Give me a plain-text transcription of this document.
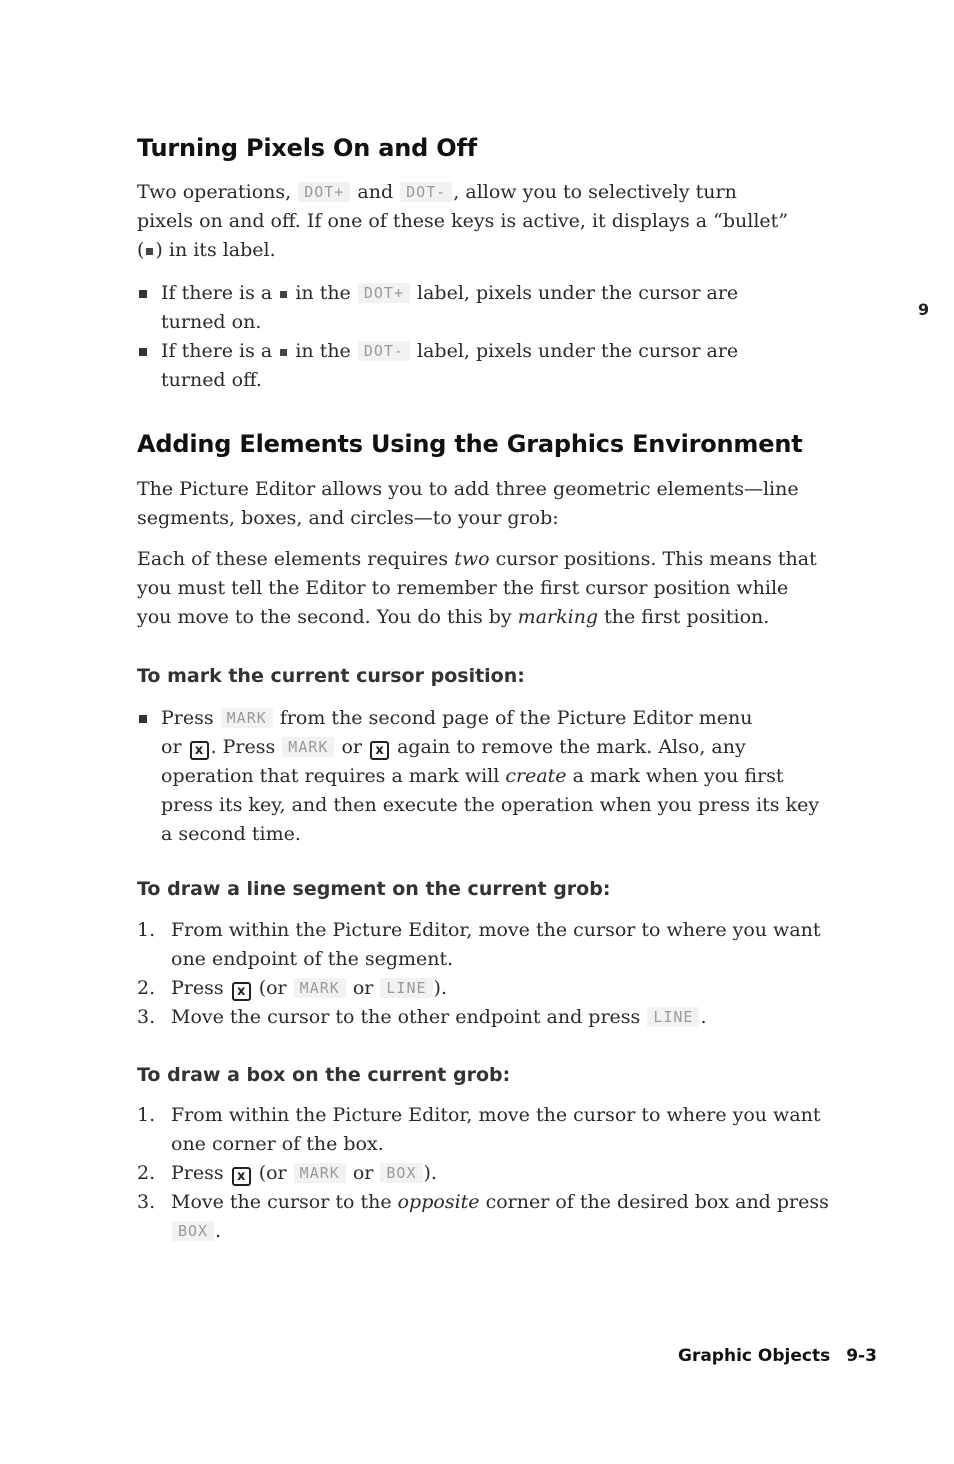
Turning Pixels On and Off
Two operations, DOT+ and DOT- , allow you to selectively turn
pixels on and off. If one of these keys is active, it displays a “bullet”
( ) in its label.
If there is a  in the DOT+ label, pixels under the cursor are
turned on.
If there is a  in the DOT- label, pixels under the cursor are
turned off.
9
Adding Elements Using the Graphics Environment
The Picture Editor allows you to add three geometric elements—line
segments, boxes, and circles—to your grob:
Each of these elements requires two cursor positions. This means that
you must tell the Editor to remember the first cursor position while
you move to the second. You do this by marking the first position.
To mark the current cursor position:
Press MARK from the second page of the Picture Editor menu
or x . Press MARK or x again to remove the mark. Also, any
operation that requires a mark will create a mark when you first
press its key, and then execute the operation when you press its key
a second time.
To draw a line segment on the current grob:
1. From within the Picture Editor, move the cursor to where you want
one endpoint of the segment.
2. Press x (or MARK or LINE ).
3. Move the cursor to the other endpoint and press LINE .
To draw a box on the current grob:
1. From within the Picture Editor, move the cursor to where you want
one corner of the box.
2. Press x (or MARK or BOX ).
3. Move the cursor to the opposite corner of the desired box and press
BOX .
Graphic Objects 9-3
